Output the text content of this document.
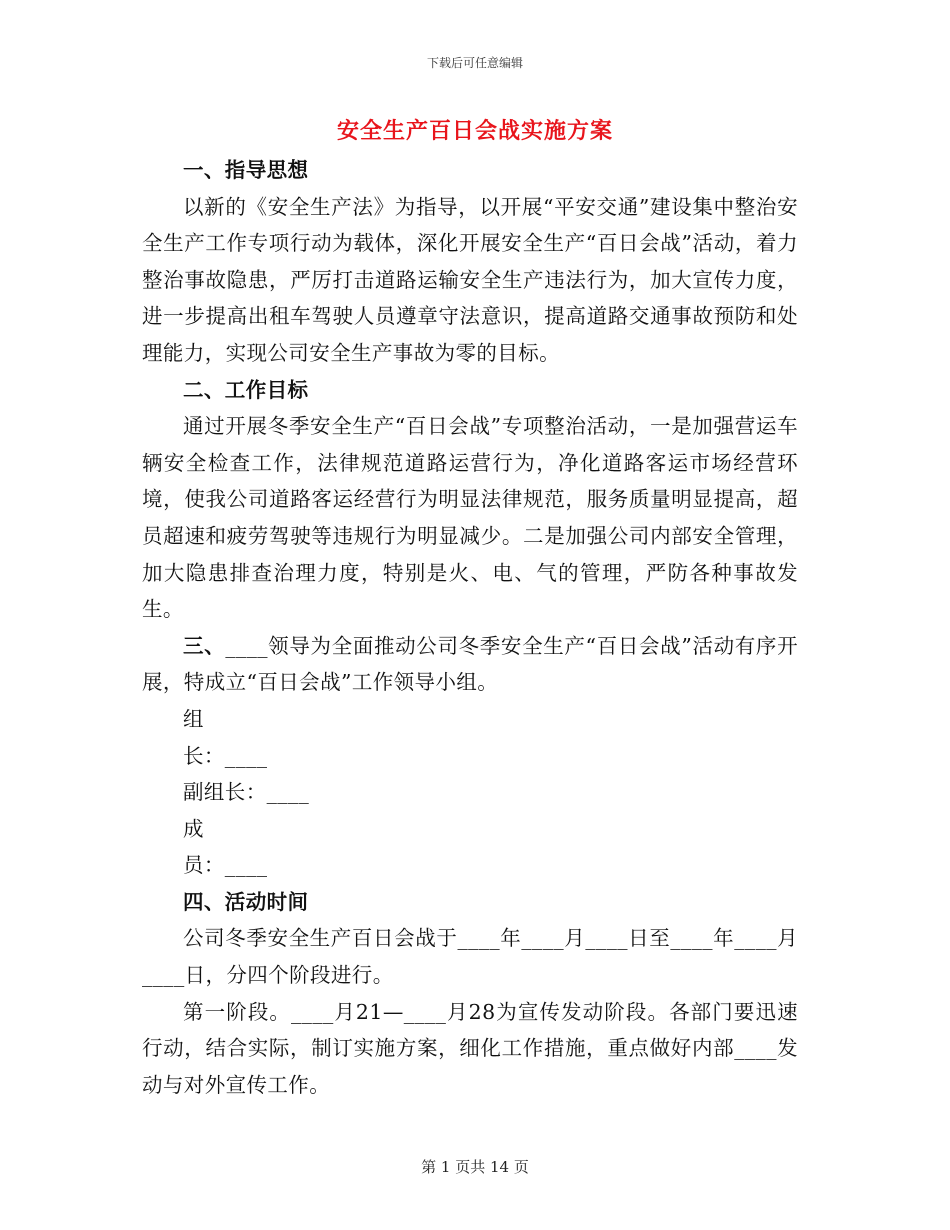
下载后可任意编辑
安全生产百日会战实施方案

一、指导思想

以新的《安全生产法》为指导，以开展“平安交通”建设集中整治安全生产工作专项行动为载体，深化开展安全生产“百日会战”活动，着力整治事故隐患，严厉打击道路运输安全生产违法行为，加大宣传力度，进一步提高出租车驾驶人员遵章守法意识，提高道路交通事故预防和处理能力，实现公司安全生产事故为零的目标。

二、工作目标

通过开展冬季安全生产“百日会战”专项整治活动，一是加强营运车辆安全检查工作，法律规范道路运营行为，净化道路客运市场经营环境，使我公司道路客运经营行为明显法律规范，服务质量明显提高，超员超速和疲劳驾驶等违规行为明显减少。二是加强公司内部安全管理，加大隐患排查治理力度，特别是火、电、气的管理，严防各种事故发生。

三、____领导为全面推动公司冬季安全生产“百日会战”活动有序开展，特成立“百日会战”工作领导小组。

组

长：____

副组长：____

成

员：____

四、活动时间

公司冬季安全生产百日会战于____年____月____日至____年____月____日，分四个阶段进行。

第一阶段。____月21—____月28为宣传发动阶段。各部门要迅速行动，结合实际，制订实施方案，细化工作措施，重点做好内部____发动与对外宣传工作。

第 1 页共 14 页
